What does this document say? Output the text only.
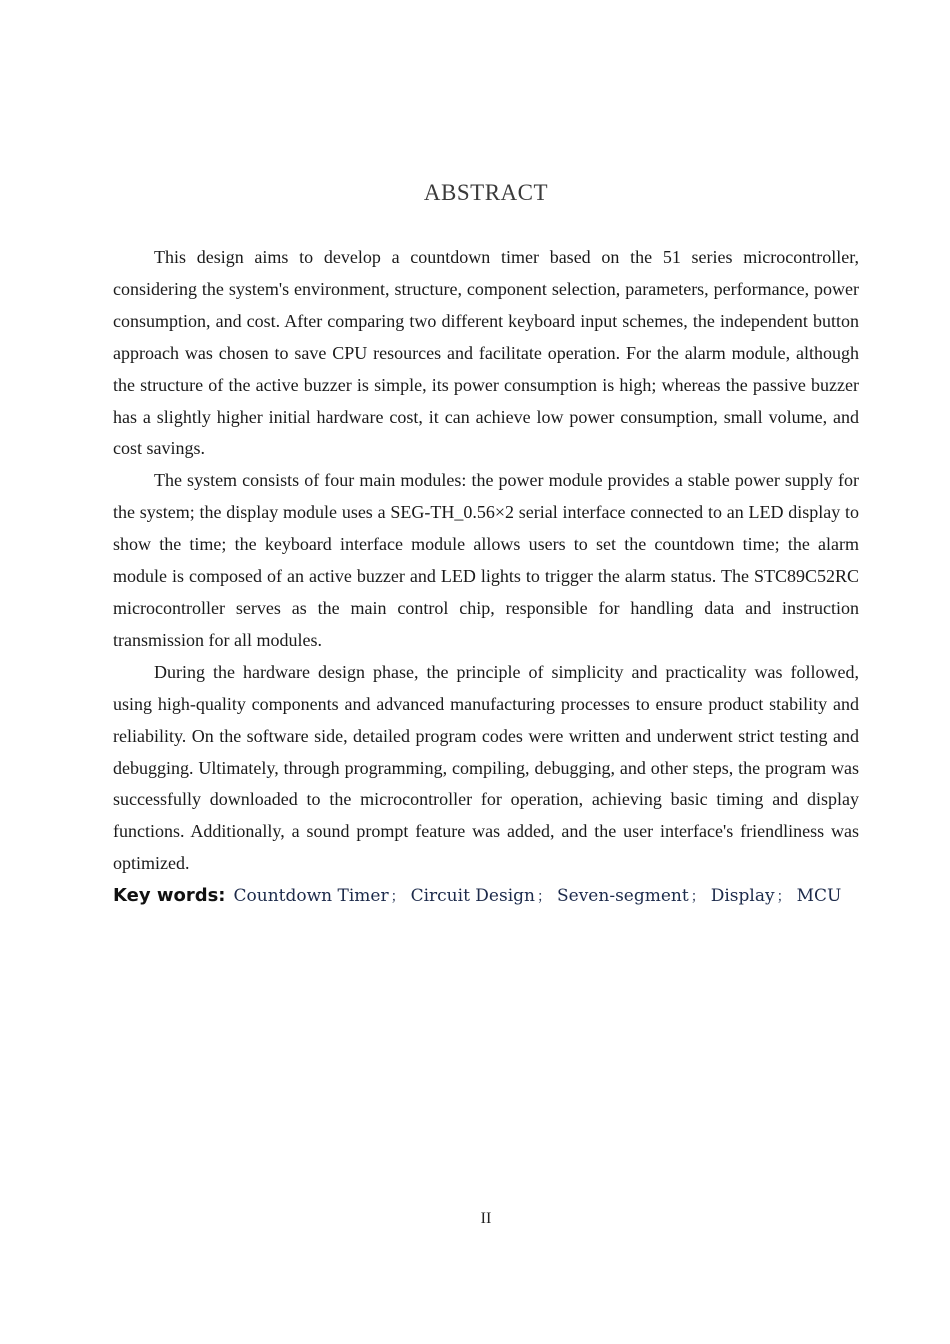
ABSTRACT

This design aims to develop a countdown timer based on the 51 series microcontroller, considering the system's environment, structure, component selection, parameters, performance, power consumption, and cost. After comparing two different keyboard input schemes, the independent button approach was chosen to save CPU resources and facilitate operation. For the alarm module, although the structure of the active buzzer is simple, its power consumption is high; whereas the passive buzzer has a slightly higher initial hardware cost, it can achieve low power consumption, small volume, and cost savings.

The system consists of four main modules: the power module provides a stable power supply for the system; the display module uses a SEG-TH_0.56×2 serial interface connected to an LED display to show the time; the keyboard interface module allows users to set the countdown time; the alarm module is composed of an active buzzer and LED lights to trigger the alarm status. The STC89C52RC microcontroller serves as the main control chip, responsible for handling data and instruction transmission for all modules.

During the hardware design phase, the principle of simplicity and practicality was followed, using high-quality components and advanced manufacturing processes to ensure product stability and reliability. On the software side, detailed program codes were written and underwent strict testing and debugging. Ultimately, through programming, compiling, debugging, and other steps, the program was successfully downloaded to the microcontroller for operation, achieving basic timing and display functions. Additionally, a sound prompt feature was added, and the user interface's friendliness was optimized.

Key words: Countdown Timer ； Circuit Design ； Seven-segment ； Display ； MCU
II
